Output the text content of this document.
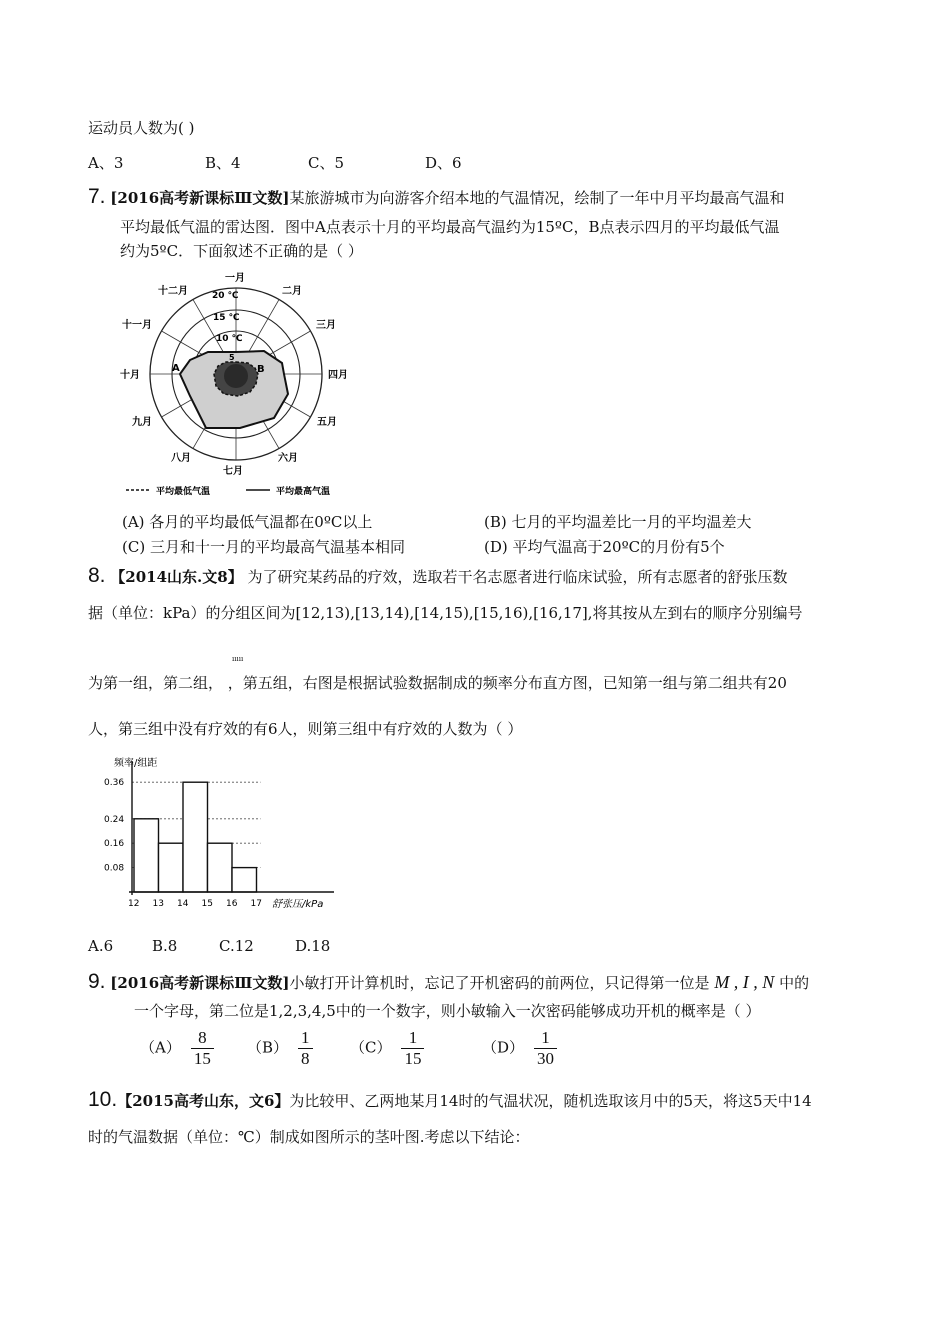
运动员人数为( )
A、3	B、4	C、5	D、6
7. [2016高考新课标Ⅲ文数]某旅游城市为向游客介绍本地的气温情况，绘制了一年中月平均最高气温和
平均最低气温的雷达图．图中A点表示十月的平均最高气温约为15ºC，B点表示四月的平均最低气温
约为5ºC．下面叙述不正确的是（ ）
20 ℃
15 ℃
10 ℃
5
A	B
一月
二月
三月
四月
五月
六月
七月
八月
九月
十月
十一月
十二月
平均最低气温	平均最高气温
(A) 各月的平均最低气温都在0ºC以上	(B) 七月的平均温差比一月的平均温差大
(C) 三月和十一月的平均最高气温基本相同	(D) 平均气温高于20ºC的月份有5个
8. 【2014山东.文8】 为了研究某药品的疗效，选取若干名志愿者进行临床试验，所有志愿者的舒张压数
据（单位：kPa）的分组区间为[12,13),[13,14),[14,15),[15,16),[16,17],将其按从左到右的顺序分别编号
ııııı
为第一组，第二组， ，第五组，右图是根据试验数据制成的频率分布直方图，已知第一组与第二组共有20
人，第三组中没有疗效的有6人，则第三组中有疗效的人数为（ ）
0.36
0.24
0.16
0.08
12 13 14 15 16 17
频率/组距
舒张压/kPa
A.6	B.8	C.12	D.18
9. [2016高考新课标Ⅲ文数]小敏打开计算机时，忘记了开机密码的前两位，只记得第一位是 M , I , N 中的
一个字母，第二位是1,2,3,4,5中的一个数字，则小敏输入一次密码能够成功开机的概率是（ ）
$(A) \frac{8}{15} (B) \frac{1}{8} (C) \frac{1}{15}$	$(D) \frac{1}{30}$
10.【2015高考山东，文6】为比较甲、乙两地某月14时的气温状况，随机选取该月中的5天，将这5天中14
时的气温数据（单位：℃）制成如图所示的茎叶图.考虑以下结论：
